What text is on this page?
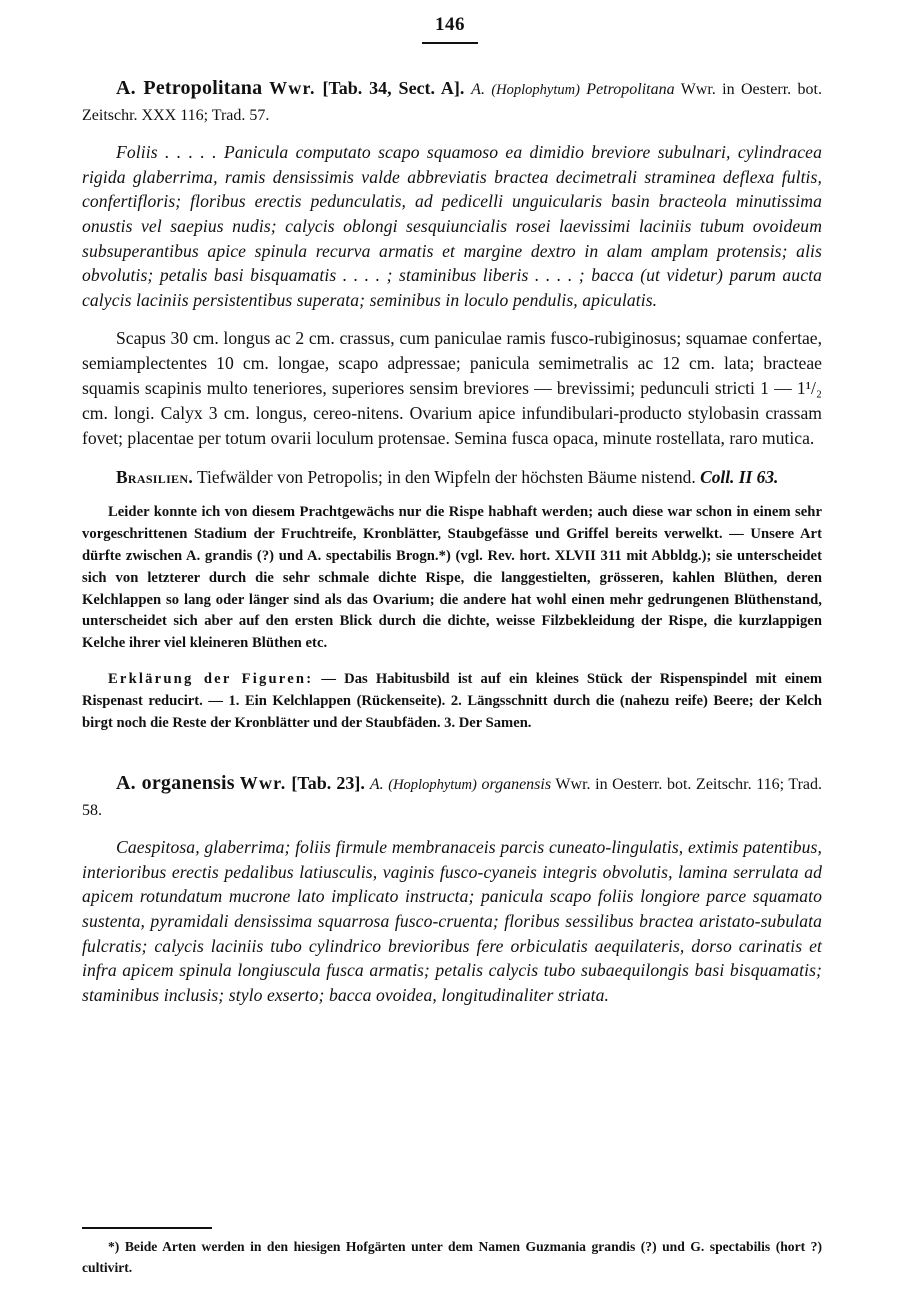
146
A. Petropolitana Wwr. [Tab. 34, Sect. A]. A. (Hoplophytum) Petropolitana Wwr. in Oesterr. bot. Zeitschr. XXX 116; Trad. 57.
Foliis . . . . . Panicula computato scapo squamoso ea dimidio breviore subulnari, cylindracea rigida glaberrima, ramis densissimis valde abbreviatis bractea decimetrali straminea deflexa fultis, confertifloris; floribus erectis pedunculatis, ad pedicelli unguicularis basin bracteola minutissima onustis vel saepius nudis; calycis oblongi sesquiuncialis rosei laevissimi laciniis tubum ovoideum subsuperantibus apice spinula recurva armatis et margine dextro in alam amplam protensis; alis obvolutis; petalis basi bisquamatis . . . . ; staminibus liberis . . . . ; bacca (ut videtur) parum aucta calycis laciniis persistentibus superata; seminibus in loculo pendulis, apiculatis.
Scapus 30 cm. longus ac 2 cm. crassus, cum paniculae ramis fusco-rubiginosus; squamae confertae, semiamplectentes 10 cm. longae, scapo adpressae; panicula semimetralis ac 12 cm. lata; bracteae squamis scapinis multo teneriores, superiores sensim breviores — brevissimi; pedunculi stricti 1 — 1¹/₂ cm. longi. Calyx 3 cm. longus, cereo-nitens. Ovarium apice infundibulari-producto stylobasin crassam fovet; placentae per totum ovarii loculum protensae. Semina fusca opaca, minute rostellata, raro mutica.
Brasilien. Tiefwälder von Petropolis; in den Wipfeln der höchsten Bäume nistend. Coll. II 63.
Leider konnte ich von diesem Prachtgewächs nur die Rispe habhaft werden; auch diese war schon in einem sehr vorgeschrittenen Stadium der Fruchtreife, Kronblätter, Staubgefässe und Griffel bereits verwelkt. — Unsere Art dürfte zwischen A. grandis (?) und A. spectabilis Brogn.*) (vgl. Rev. hort. XLVII 311 mit Abbldg.); sie unterscheidet sich von letzterer durch die sehr schmale dichte Rispe, die langgestielten, grösseren, kahlen Blüthen, deren Kelchlappen so lang oder länger sind als das Ovarium; die andere hat wohl einen mehr gedrungenen Blüthenstand, unterscheidet sich aber auf den ersten Blick durch die dichte, weisse Filzbekleidung der Rispe, die kurzlappigen Kelche ihrer viel kleineren Blüthen etc.
Erklärung der Figuren: — Das Habitusbild ist auf ein kleines Stück der Rispenspindel mit einem Rispenast reducirt. — 1. Ein Kelchlappen (Rückenseite). 2. Längsschnitt durch die (nahezu reife) Beere; der Kelch birgt noch die Reste der Kronblätter und der Staubfäden. 3. Der Samen.
A. organensis Wwr. [Tab. 23]. A. (Hoplophytum) organensis Wwr. in Oesterr. bot. Zeitschr. 116; Trad. 58.
Caespitosa, glaberrima; foliis firmule membranaceis parcis cuneato-lingulatis, extimis patentibus, interioribus erectis pedalibus latiusculis, vaginis fusco-cyaneis integris obvolutis, lamina serrulata ad apicem rotundatum mucrone lato implicato instructa; panicula scapo foliis longiore parce squamato sustenta, pyramidali densissima squarrosa fusco-cruenta; floribus sessilibus bractea aristato-subulata fulcratis; calycis laciniis tubo cylindrico brevioribus fere orbiculatis aequilateris, dorso carinatis et infra apicem spinula longiuscula fusca armatis; petalis calycis tubo subaequilongis basi bisquamatis; staminibus inclusis; stylo exserto; bacca ovoidea, longitudinaliter striata.
*) Beide Arten werden in den hiesigen Hofgärten unter dem Namen Guzmania grandis (?) und G. spectabilis (hort ?) cultivirt.
